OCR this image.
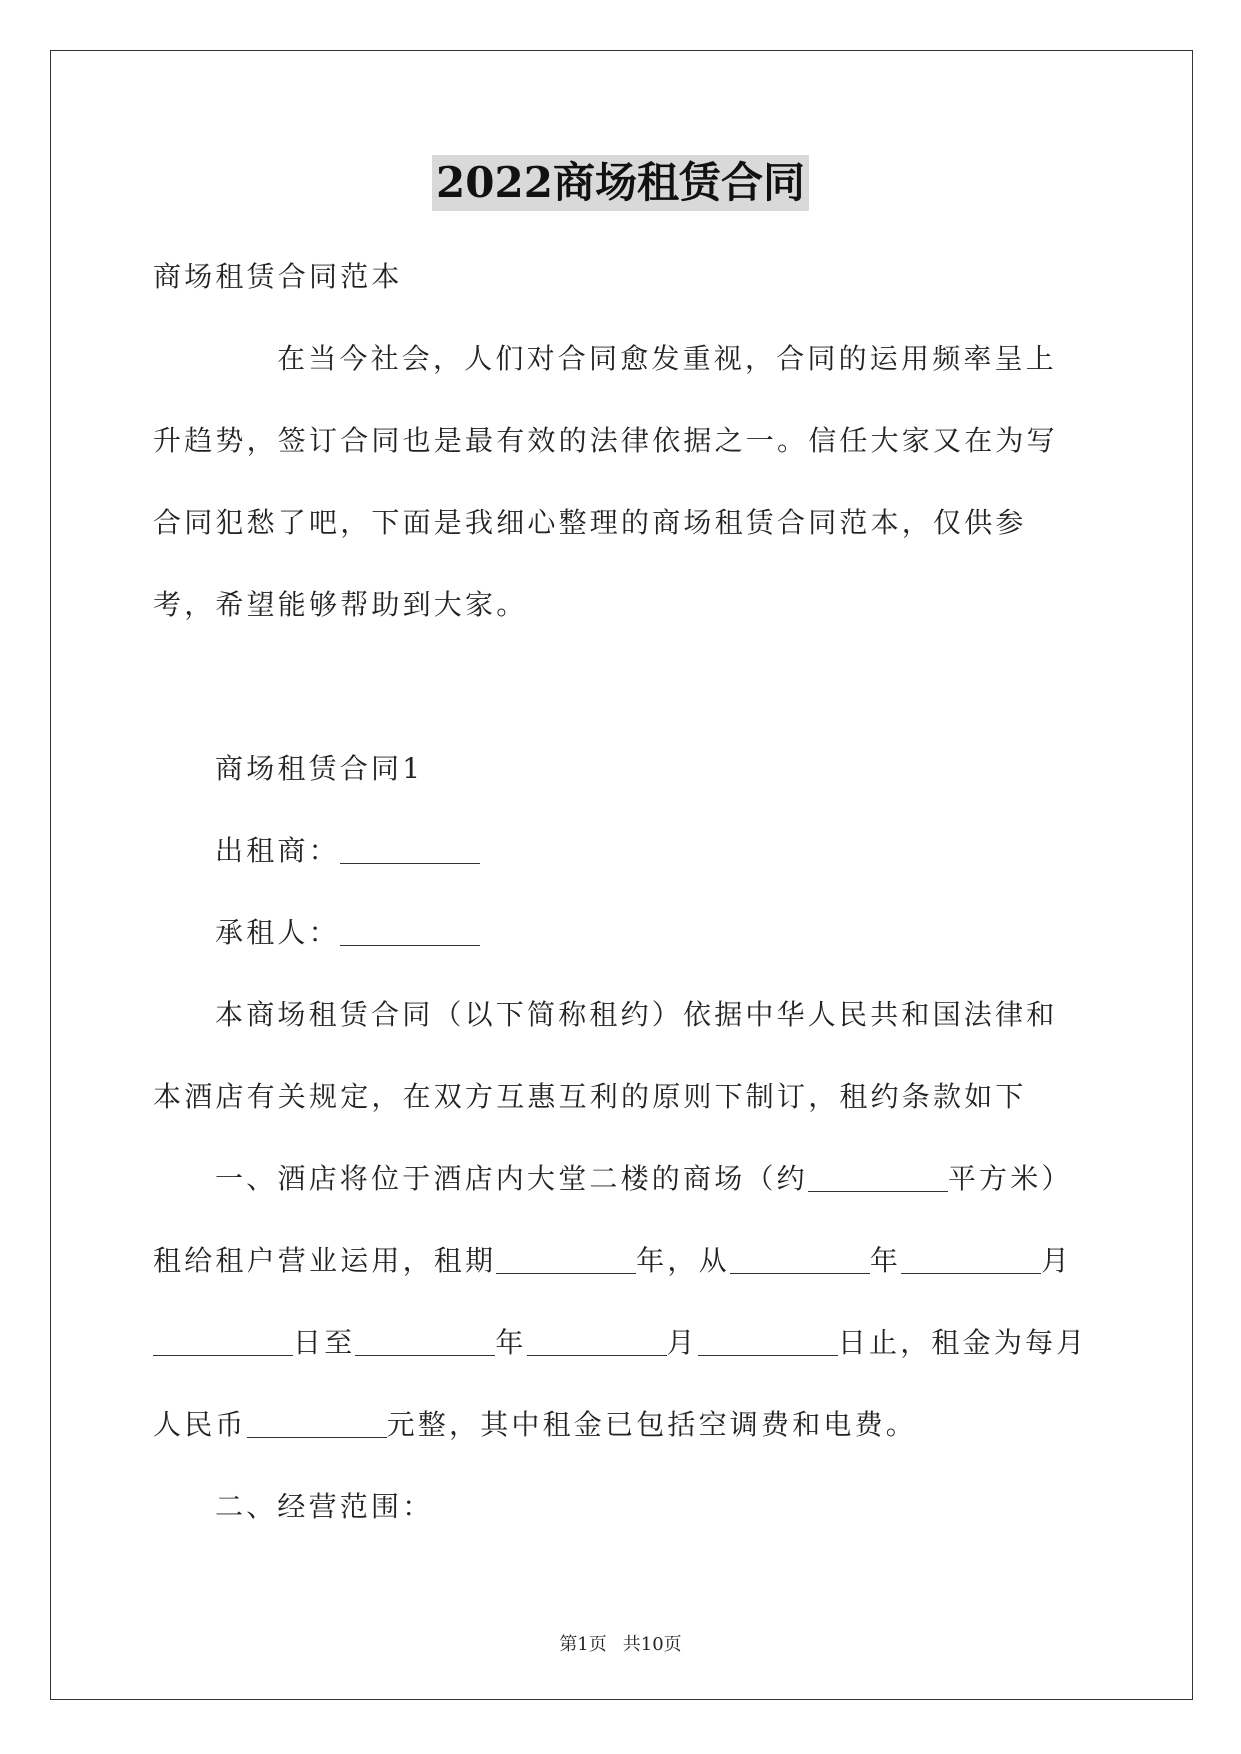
2022商场租赁合同

商场租赁合同范本

在当今社会，人们对合同愈发重视，合同的运用频率呈上升趋势，签订合同也是最有效的法律依据之一。信任大家又在为写合同犯愁了吧，下面是我细心整理的商场租赁合同范本，仅供参考，希望能够帮助到大家。

商场租赁合同1

出租商：

承租人：

本商场租赁合同（以下简称租约）依据中华人民共和国法律和本酒店有关规定，在双方互惠互利的原则下制订，租约条款如下

一、酒店将位于酒店内大堂二楼的商场（约	平方米）租给租户营业运用，租期	年，从	年	月日至	年	月	日止，租金为每月人民币	元整，其中租金已包括空调费和电费。

二、经营范围：

第1页 共10页
